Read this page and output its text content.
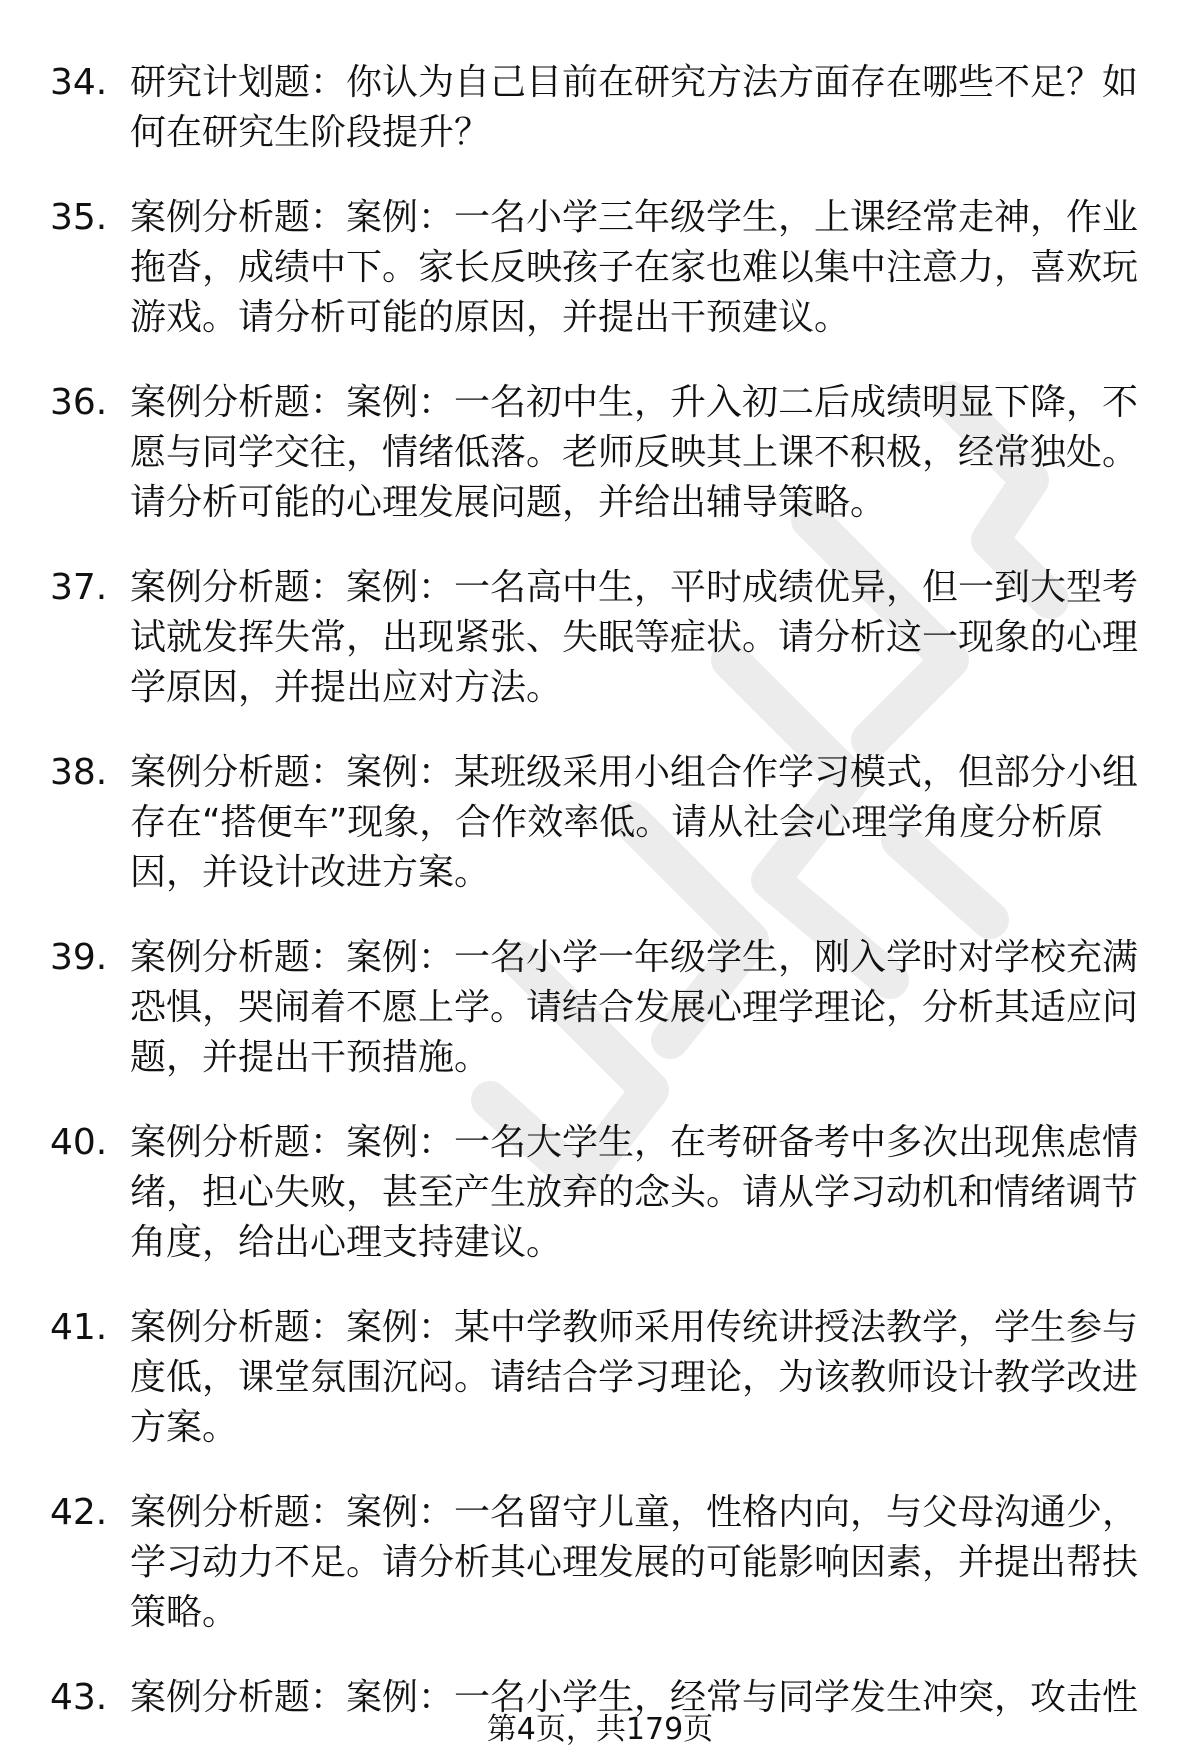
34. 研究计划题：你认为自己目前在研究方法方面存在哪些不足？如何在研究生阶段提升？
35. 案例分析题：案例：一名小学三年级学生，上课经常走神，作业拖沓，成绩中下。家长反映孩子在家也难以集中注意力，喜欢玩游戏。请分析可能的原因，并提出干预建议。
36. 案例分析题：案例：一名初中生，升入初二后成绩明显下降，不愿与同学交往，情绪低落。老师反映其上课不积极，经常独处。请分析可能的心理发展问题，并给出辅导策略。
37. 案例分析题：案例：一名高中生，平时成绩优异，但一到大型考试就发挥失常，出现紧张、失眠等症状。请分析这一现象的心理学原因，并提出应对方法。
38. 案例分析题：案例：某班级采用小组合作学习模式，但部分小组存在“搭便车”现象，合作效率低。请从社会心理学角度分析原因，并设计改进方案。
39. 案例分析题：案例：一名小学一年级学生，刚入学时对学校充满恐惧，哭闹着不愿上学。请结合发展心理学理论，分析其适应问题，并提出干预措施。
40. 案例分析题：案例：一名大学生，在考研备考中多次出现焦虑情绪，担心失败，甚至产生放弃的念头。请从学习动机和情绪调节角度，给出心理支持建议。
41. 案例分析题：案例：某中学教师采用传统讲授法教学，学生参与度低，课堂氛围沉闷。请结合学习理论，为该教师设计教学改进方案。
42. 案例分析题：案例：一名留守儿童，性格内向，与父母沟通少，学习动力不足。请分析其心理发展的可能影响因素，并提出帮扶策略。
43. 案例分析题：案例：一名小学生，经常与同学发生冲突，攻击性
第4页，共179页
